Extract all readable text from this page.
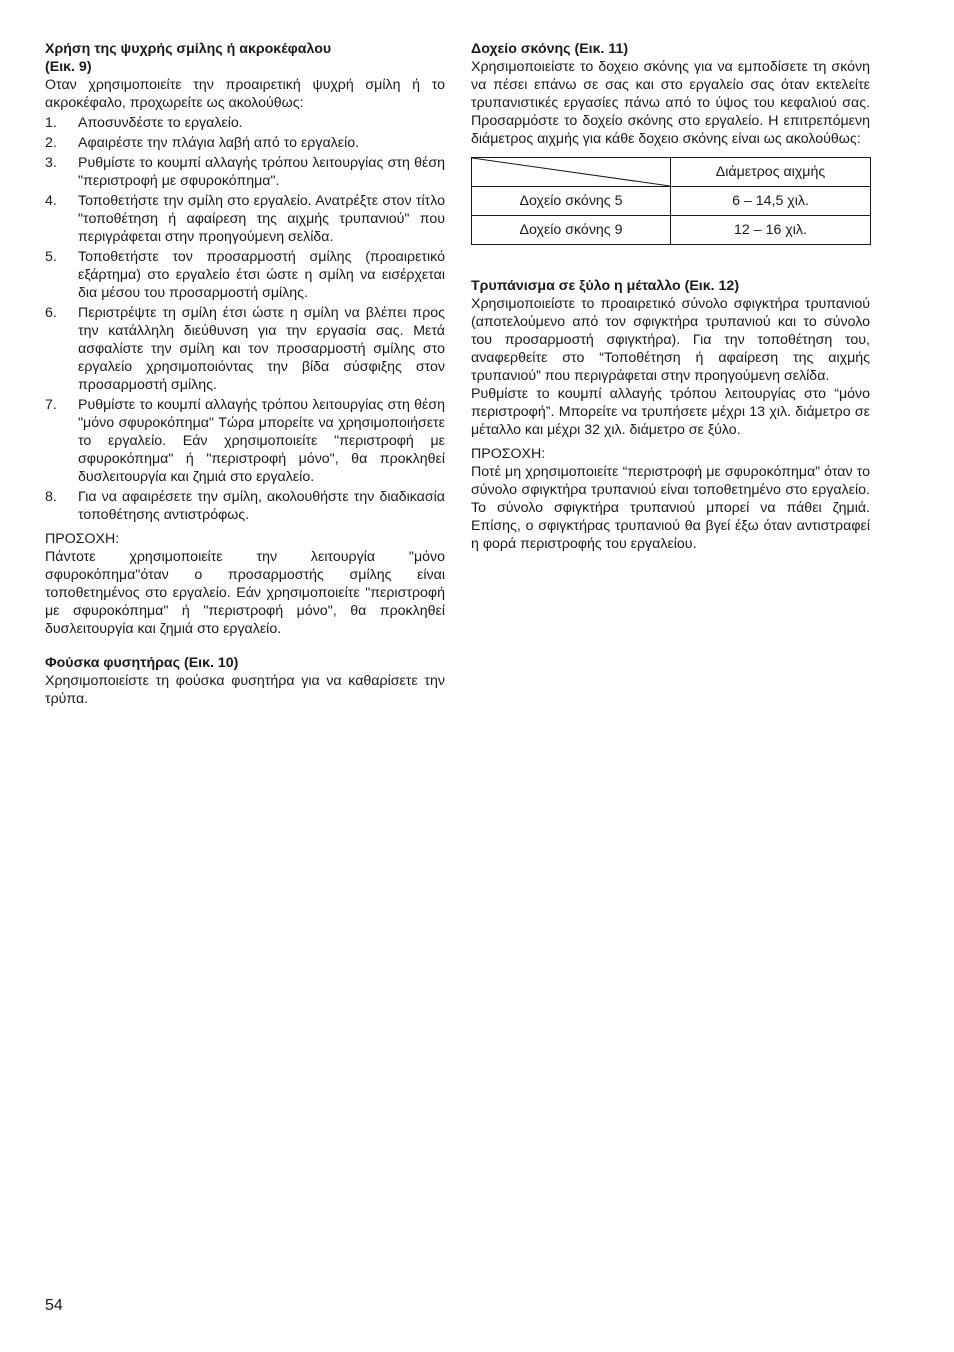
Χρήση της ψυχρής σμίλης ή ακροκέφαλου
(Εικ. 9)

Οταν χρησιμοποιείτε την προαιρετική ψυχρή σμίλη ή το ακροκέφαλο, προχωρείτε ως ακολούθως:

1. Αποσυνδέστε το εργαλείο.
2. Αφαιρέστε την πλάγια λαβή από το εργαλείο.
3. Ρυθμίστε το κουμπί αλλαγής τρόπου λειτουργίας στη θέση "περιστροφή με σφυροκόπημα".
4. Τοποθετήστε την σμίλη στο εργαλείο. Ανατρέξτε στον τίτλο "τοποθέτηση ή αφαίρεση της αιχμής τρυπανιού" που περιγράφεται στην προηγούμενη σελίδα.
5. Τοποθετήστε τον προσαρμοστή σμίλης (προαιρετικό εξάρτημα) στο εργαλείο έτσι ώστε η σμίλη να εισέρχεται δια μέσου του προσαρμοστή σμίλης.
6. Περιστρέψτε τη σμίλη έτσι ώστε η σμίλη να βλέπει προς την κατάλληλη διεύθυνση για την εργασία σας. Μετά ασφαλίστε την σμίλη και τον προσαρμοστή σμίλης στο εργαλείο χρησιμοποιόντας την βίδα σύσφιξης στον προσαρμοστή σμίλης.
7. Ρυθμίστε το κουμπί αλλαγής τρόπου λειτουργίας στη θέση "μόνο σφυροκόπημα" Τώρα μπορείτε να χρησιμοποιήσετε το εργαλείο. Εάν χρησιμοποιείτε "περιστροφή με σφυροκόπημα" ή "περιστροφή μόνο", θα προκληθεί δυσλειτουργία και ζημιά στο εργαλείο.
8. Για να αφαιρέσετε την σμίλη, ακολουθήστε την διαδικασία τοποθέτησης αντιστρόφως.
ΠΡΟΣΟΧΗ:

Πάντοτε χρησιμοποιείτε την λειτουργία "μόνο σφυροκόπημα"όταν ο προσαρμοστής σμίλης είναι τοποθετημένος στο εργαλείο. Εάν χρησιμοποιείτε "περιστροφή με σφυροκόπημα" ή "περιστροφή μόνο", θα προκληθεί δυσλειτουργία και ζημιά στο εργαλείο.

Φούσκα φυσητήρας (Εικ. 10)

Χρησιμοποιείστε τη φούσκα φυσητήρα για να καθαρίσετε την τρύπα.

Δοχείο σκόνης (Εικ. 11)

Χρησιμοποιείστε το δοχειο σκόνης για να εμποδίσετε τη σκόνη να πέσει επάνω σε σας και στο εργαλείο σας όταν εκτελείτε τρυπανιστικές εργασίες πάνω από το ύψος του κεφαλιού σας. Προσαρμόστε το δοχείο σκόνης στο εργαλείο. Η επιτρεπόμενη διάμετρος αιχμής για κάθε δοχειο σκόνης είναι ως ακολούθως:

	Διάμετρος αιχμής
Δοχείο σκόνης 5	6 – 14,5 χιλ.
Δοχείο σκόνης 9	12 – 16 χιλ.
Τρυπάνισμα σε ξύλο η μέταλλο (Εικ. 12)

Χρησιμοποιείστε το προαιρετικό σύνολο σφιγκτήρα τρυπανιού (αποτελούμενο από τον σφιγκτήρα τρυπανιού και το σύνολο του προσαρμοστή σφιγκτήρα). Για την τοποθέτηση του, αναφερθείτε στο “Τοποθέτηση ή αφαίρεση της αιχμής τρυπανιού” που περιγράφεται στην προηγούμενη σελίδα.

Ρυθμίστε το κουμπί αλλαγής τρόπου λειτουργίας στο “μόνο περιστροφή”. Μπορείτε να τρυπήσετε μέχρι 13 χιλ. διάμετρο σε μέταλλο και μέχρι 32 χιλ. διάμετρο σε ξύλο.

ΠΡΟΣΟΧΗ:

Ποτέ μη χρησιμοποιείτε “περιστροφή με σφυροκόπημα” όταν το σύνολο σφιγκτήρα τρυπανιού είναι τοποθετημένο στο εργαλείο. Το σύνολο σφιγκτήρα τρυπανιού μπορεί να πάθει ζημιά. Επίσης, ο σφιγκτήρας τρυπανιού θα βγεί έξω όταν αντιστραφεί η φορά περιστροφής του εργαλείου.

54
